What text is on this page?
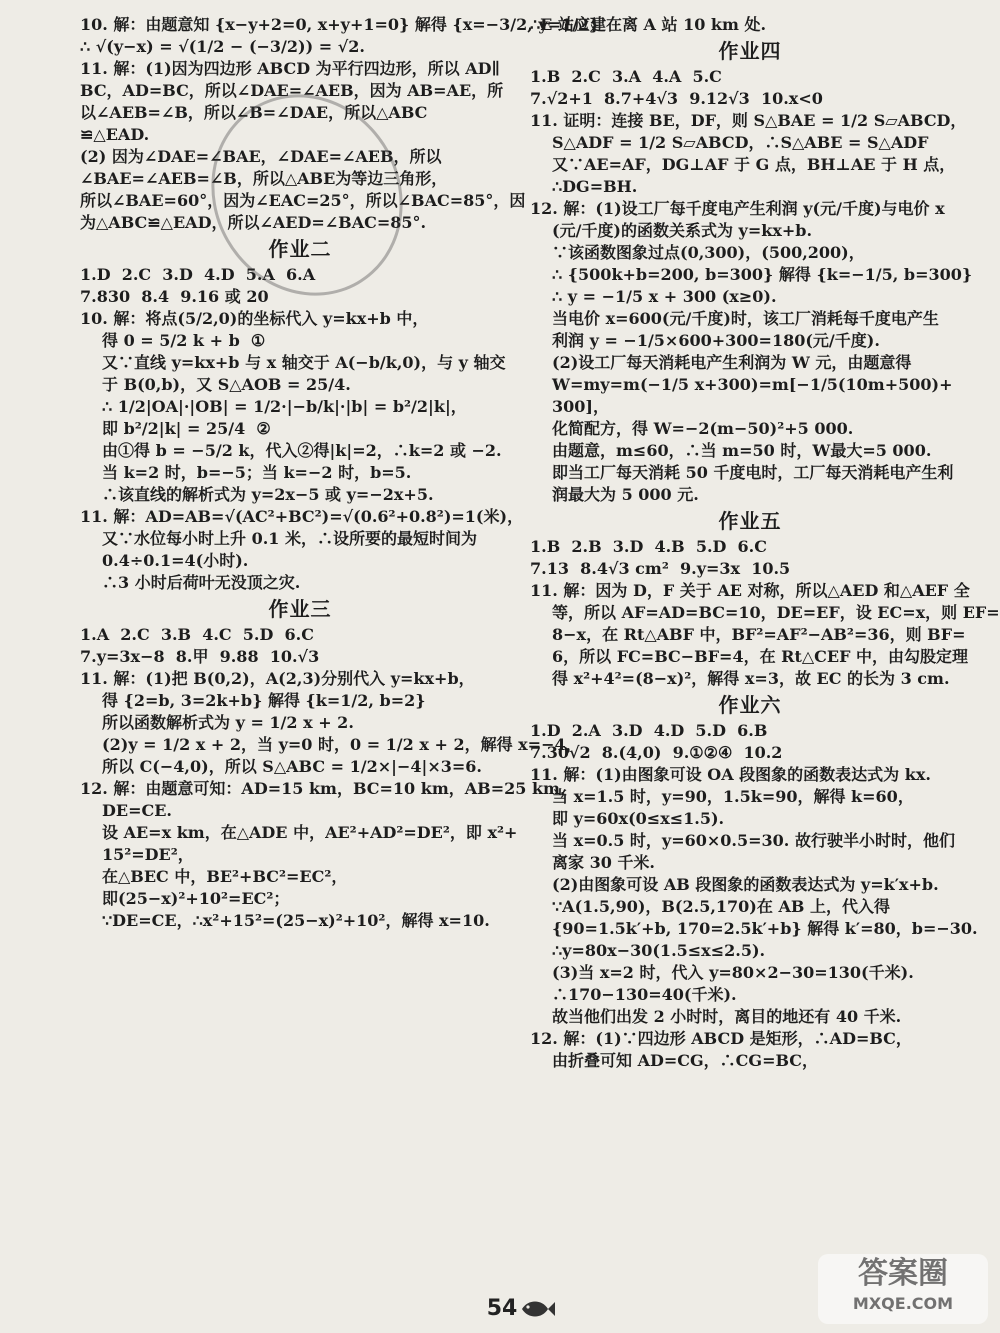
10. 解：由题意知 {x−y+2=0, x+y+1=0} 解得 {x=−3/2, y=1/2}
∴ √(y−x) = √(1/2 − (−3/2)) = √2.
11. 解：(1)因为四边形 ABCD 为平行四边形，所以 AD∥
BC，AD=BC，所以∠DAE=∠AEB，因为 AB=AE，所
以∠AEB=∠B，所以∠B=∠DAE，所以△ABC
≌△EAD.
(2) 因为∠DAE=∠BAE，∠DAE=∠AEB，所以
∠BAE=∠AEB=∠B，所以△ABE为等边三角形，
所以∠BAE=60°，因为∠EAC=25°，所以∠BAC=85°，因
为△ABC≌△EAD，所以∠AED=∠BAC=85°.
作业二
1.D  2.C  3.D  4.D  5.A  6.A
7.830  8.4  9.16 或 20
10. 解：将点(5/2,0)的坐标代入 y=kx+b 中，
得 0 = 5/2 k + b  ①
又∵直线 y=kx+b 与 x 轴交于 A(−b/k,0)，与 y 轴交
于 B(0,b)，又 S△AOB = 25/4.
∴ 1/2|OA|·|OB| = 1/2·|−b/k|·|b| = b²/2|k|，
即 b²/2|k| = 25/4  ②
由①得 b = −5/2 k，代入②得|k|=2，∴k=2 或 −2.
当 k=2 时，b=−5；当 k=−2 时，b=5.
∴该直线的解析式为 y=2x−5 或 y=−2x+5.
11. 解：AD=AB=√(AC²+BC²)=√(0.6²+0.8²)=1(米)，
又∵水位每小时上升 0.1 米，∴设所要的最短时间为
0.4÷0.1=4(小时).
∴3 小时后荷叶无没顶之灾.
作业三
1.A  2.C  3.B  4.C  5.D  6.C
7.y=3x−8  8.甲  9.88  10.√3
11. 解：(1)把 B(0,2)，A(2,3)分别代入 y=kx+b，
得 {2=b, 3=2k+b} 解得 {k=1/2, b=2}
所以函数解析式为 y = 1/2 x + 2.
(2)y = 1/2 x + 2，当 y=0 时，0 = 1/2 x + 2，解得 x=−4，
所以 C(−4,0)，所以 S△ABC = 1/2×|−4|×3=6.
12. 解：由题意可知：AD=15 km，BC=10 km，AB=25 km，
DE=CE.
设 AE=x km，在△ADE 中，AE²+AD²=DE²，即 x²+
15²=DE²，
在△BEC 中，BE²+BC²=EC²，
即(25−x)²+10²=EC²；
∵DE=CE，∴x²+15²=(25−x)²+10²，解得 x=10.
∴E 站应建在离 A 站 10 km 处.
作业四
1.B  2.C  3.A  4.A  5.C
7.√2+1  8.7+4√3  9.12√3  10.x<0
11. 证明：连接 BE，DF，则 S△BAE = 1/2 S▱ABCD，
S△ADF = 1/2 S▱ABCD，∴S△ABE = S△ADF
又∵AE=AF，DG⊥AF 于 G 点，BH⊥AE 于 H 点，
∴DG=BH.
12. 解：(1)设工厂每千度电产生利润 y(元/千度)与电价 x
(元/千度)的函数关系式为 y=kx+b.
∵该函数图象过点(0,300)，(500,200)，
∴ {500k+b=200, b=300} 解得 {k=−1/5, b=300}
∴ y = −1/5 x + 300 (x≥0).
当电价 x=600(元/千度)时，该工厂消耗每千度电产生
利润 y = −1/5×600+300=180(元/千度).
(2)设工厂每天消耗电产生利润为 W 元，由题意得
W=my=m(−1/5 x+300)=m[−1/5(10m+500)+
300]，
化简配方，得 W=−2(m−50)²+5 000.
由题意，m≤60，∴当 m=50 时，W最大=5 000.
即当工厂每天消耗 50 千度电时，工厂每天消耗电产生利
润最大为 5 000 元.
作业五
1.B  2.B  3.D  4.B  5.D  6.C
7.13  8.4√3 cm²  9.y=3x  10.5
11. 解：因为 D，F 关于 AE 对称，所以△AED 和△AEF 全
等，所以 AF=AD=BC=10，DE=EF，设 EC=x，则 EF=
8−x，在 Rt△ABF 中，BF²=AF²−AB²=36，则 BF=
6，所以 FC=BC−BF=4，在 Rt△CEF 中，由勾股定理
得 x²+4²=(8−x)²，解得 x=3，故 EC 的长为 3 cm.
作业六
1.D  2.A  3.D  4.D  5.D  6.B
7.30√2  8.(4,0)  9.①②④  10.2
11. 解：(1)由图象可设 OA 段图象的函数表达式为 kx.
当 x=1.5 时，y=90，1.5k=90，解得 k=60，
即 y=60x(0≤x≤1.5).
当 x=0.5 时，y=60×0.5=30. 故行驶半小时时，他们
离家 30 千米.
(2)由图象可设 AB 段图象的函数表达式为 y=k′x+b.
∵A(1.5,90)，B(2.5,170)在 AB 上，代入得
{90=1.5k′+b, 170=2.5k′+b} 解得 k′=80，b=−30.
∴y=80x−30(1.5≤x≤2.5).
(3)当 x=2 时，代入 y=80×2−30=130(千米).
∴170−130=40(千米).
故当他们出发 2 小时时，离目的地还有 40 千米.
12. 解：(1)∵四边形 ABCD 是矩形，∴AD=BC，
由折叠可知 AD=CG，∴CG=BC，
54
答案圈
MXQE.COM
